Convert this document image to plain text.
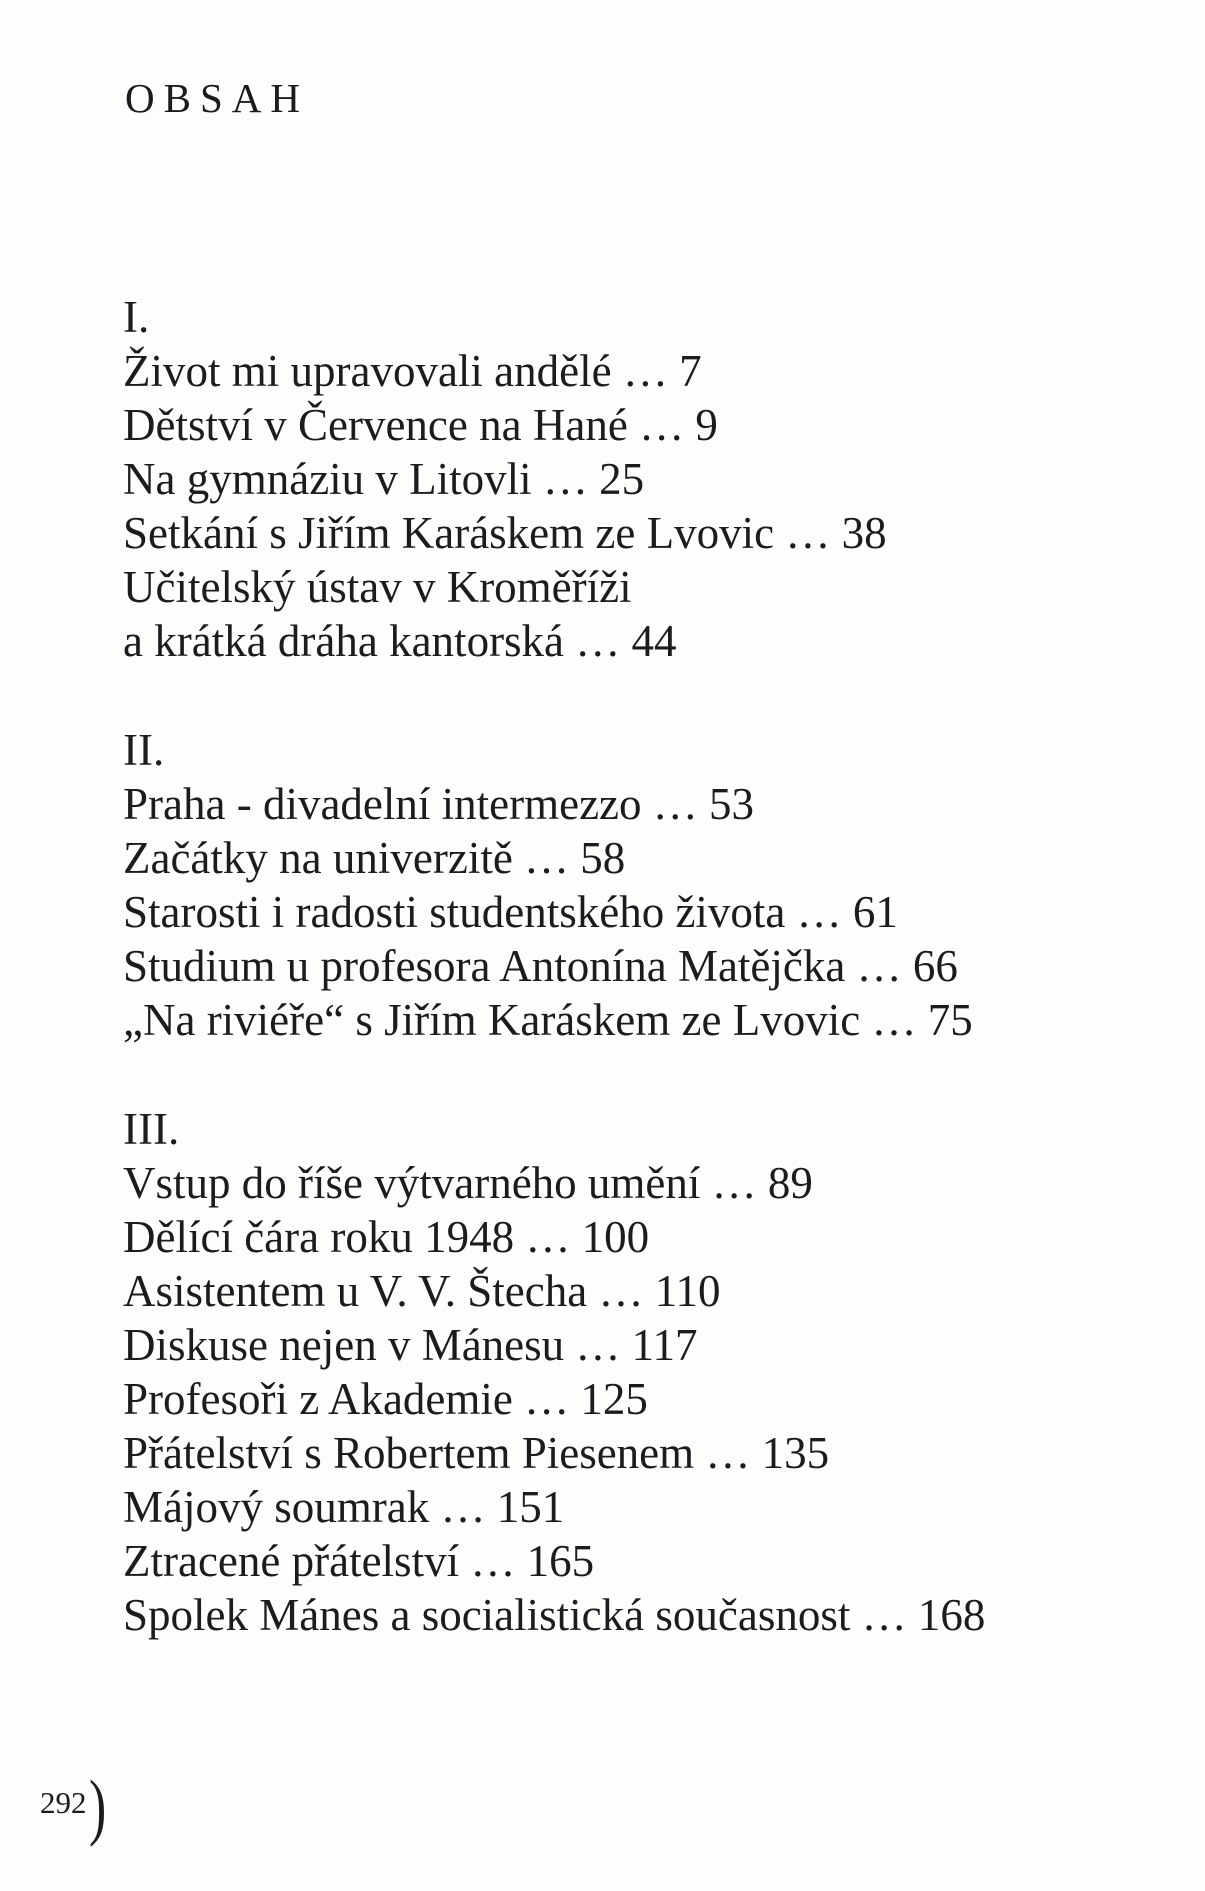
OBSAH
I.
Život mi upravovali andělé … 7
Dětství v Července na Hané … 9
Na gymnáziu v Litovli … 25
Setkání s Jiřím Karáskem ze Lvovic … 38
Učitelský ústav v Kroměříži
a krátká dráha kantorská … 44
II.
Praha - divadelní intermezzo … 53
Začátky na univerzitě … 58
Starosti i radosti studentského života … 61
Studium u profesora Antonína Matějčka … 66
„Na riviéře“ s Jiřím Karáskem ze Lvovic … 75
III.
Vstup do říše výtvarného umění … 89
Dělící čára roku 1948 … 100
Asistentem u V. V. Štecha … 110
Diskuse nejen v Mánesu … 117
Profesoři z Akademie … 125
Přátelství s Robertem Piesenem … 135
Májový soumrak … 151
Ztracené přátelství … 165
Spolek Mánes a socialistická současnost … 168
292 )
